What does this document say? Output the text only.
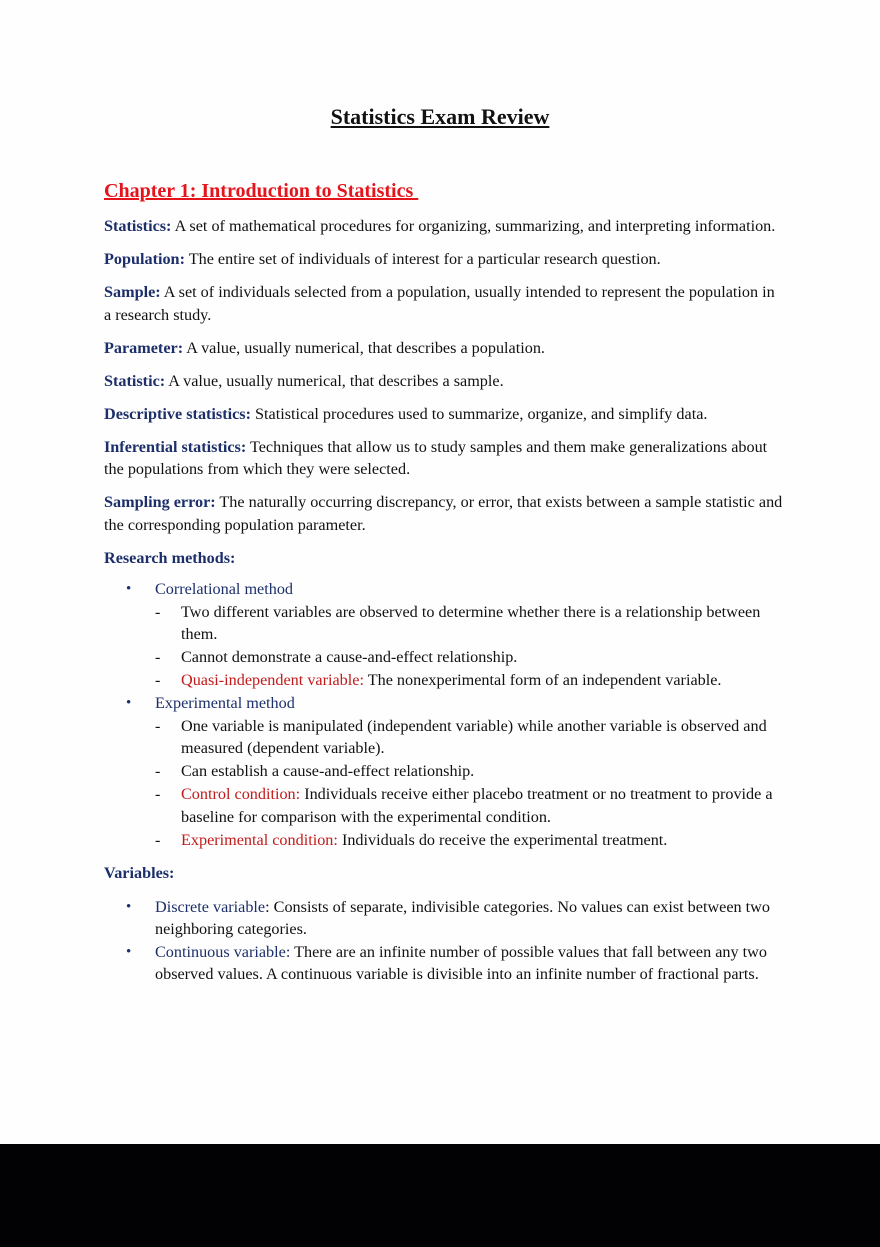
Statistics Exam Review
Chapter 1: Introduction to Statistics

Statistics: A set of mathematical procedures for organizing, summarizing, and interpreting information.

Population: The entire set of individuals of interest for a particular research question.

Sample: A set of individuals selected from a population, usually intended to represent the population in a research study.

Parameter: A value, usually numerical, that describes a population.

Statistic: A value, usually numerical, that describes a sample.

Descriptive statistics: Statistical procedures used to summarize, organize, and simplify data.

Inferential statistics: Techniques that allow us to study samples and them make generalizations about the populations from which they were selected.

Sampling error: The naturally occurring discrepancy, or error, that exists between a sample statistic and the corresponding population parameter.

Research methods:

• Correlational method
- Two different variables are observed to determine whether there is a relationship between them.
- Cannot demonstrate a cause-and-effect relationship.
- Quasi-independent variable: The nonexperimental form of an independent variable.
• Experimental method
- One variable is manipulated (independent variable) while another variable is observed and measured (dependent variable).
- Can establish a cause-and-effect relationship.
- Control condition: Individuals receive either placebo treatment or no treatment to provide a baseline for comparison with the experimental condition.
- Experimental condition: Individuals do receive the experimental treatment.

Variables:

• Discrete variable: Consists of separate, indivisible categories. No values can exist between two neighboring categories.
• Continuous variable: There are an infinite number of possible values that fall between any two observed values. A continuous variable is divisible into an infinite number of fractional parts.
